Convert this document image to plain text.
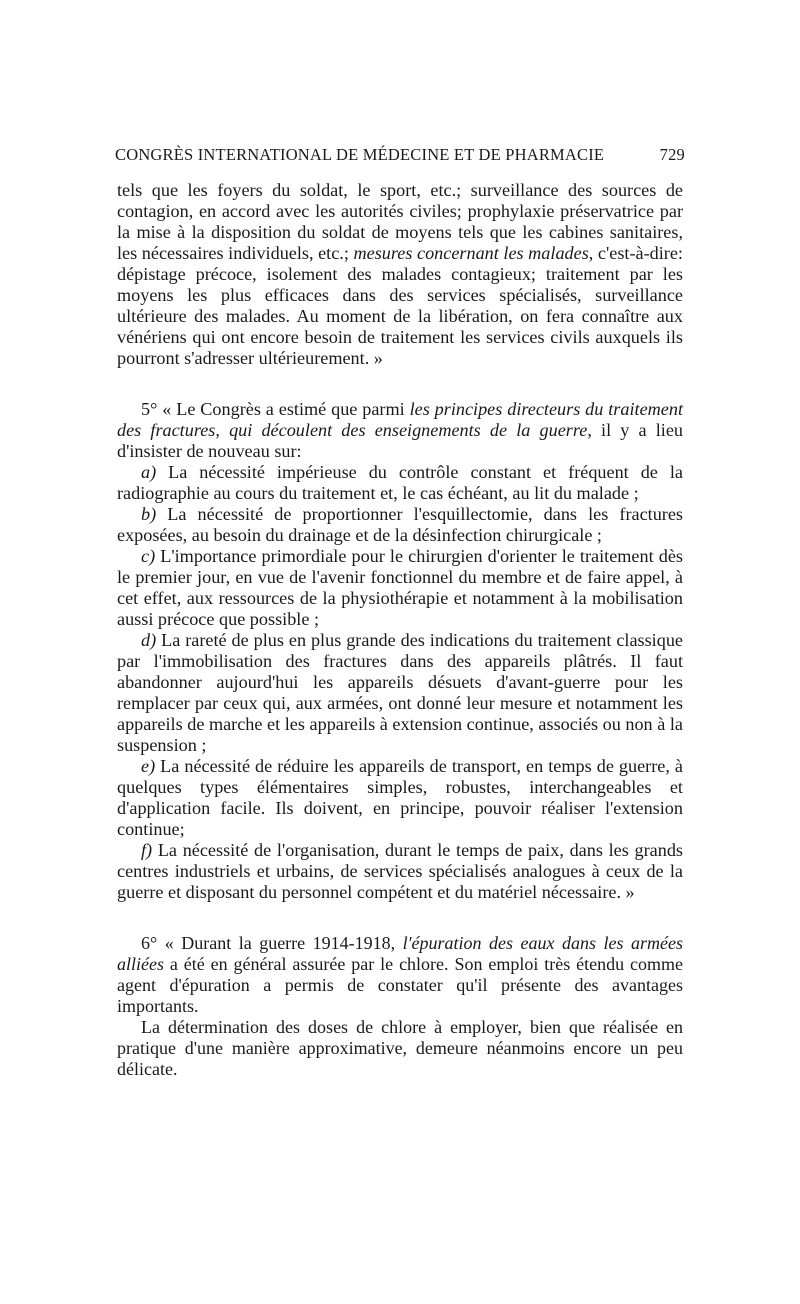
CONGRÈS INTERNATIONAL DE MÉDECINE ET DE PHARMACIE	729

tels que les foyers du soldat, le sport, etc.; surveillance des sources de contagion, en accord avec les autorités civiles; prophylaxie préservatrice par la mise à la disposition du soldat de moyens tels que les cabines sanitaires, les nécessaires individuels, etc.; mesures concernant les malades, c'est-à-dire: dépistage précoce, isolement des malades contagieux; traitement par les moyens les plus efficaces dans des services spécialisés, surveillance ultérieure des malades. Au moment de la libération, on fera connaître aux vénériens qui ont encore besoin de traitement les services civils auxquels ils pourront s'adresser ultérieurement. »

5° « Le Congrès a estimé que parmi les principes directeurs du traitement des fractures, qui découlent des enseignements de la guerre, il y a lieu d'insister de nouveau sur:

a) La nécessité impérieuse du contrôle constant et fréquent de la radiographie au cours du traitement et, le cas échéant, au lit du malade ;

b) La nécessité de proportionner l'esquillectomie, dans les fractures exposées, au besoin du drainage et de la désinfection chirurgicale ;

c) L'importance primordiale pour le chirurgien d'orienter le traitement dès le premier jour, en vue de l'avenir fonctionnel du membre et de faire appel, à cet effet, aux ressources de la physiothérapie et notamment à la mobilisation aussi précoce que possible ;

d) La rareté de plus en plus grande des indications du traitement classique par l'immobilisation des fractures dans des appareils plâtrés. Il faut abandonner aujourd'hui les appareils désuets d'avant-guerre pour les remplacer par ceux qui, aux armées, ont donné leur mesure et notamment les appareils de marche et les appareils à extension continue, associés ou non à la suspension ;

e) La nécessité de réduire les appareils de transport, en temps de guerre, à quelques types élémentaires simples, robustes, interchangeables et d'application facile. Ils doivent, en principe, pouvoir réaliser l'extension continue;

f) La nécessité de l'organisation, durant le temps de paix, dans les grands centres industriels et urbains, de services spécialisés analogues à ceux de la guerre et disposant du personnel compétent et du matériel nécessaire. »

6° « Durant la guerre 1914-1918, l'épuration des eaux dans les armées alliées a été en général assurée par le chlore. Son emploi très étendu comme agent d'épuration a permis de constater qu'il présente des avantages importants.

La détermination des doses de chlore à employer, bien que réalisée en pratique d'une manière approximative, demeure néanmoins encore un peu délicate.
